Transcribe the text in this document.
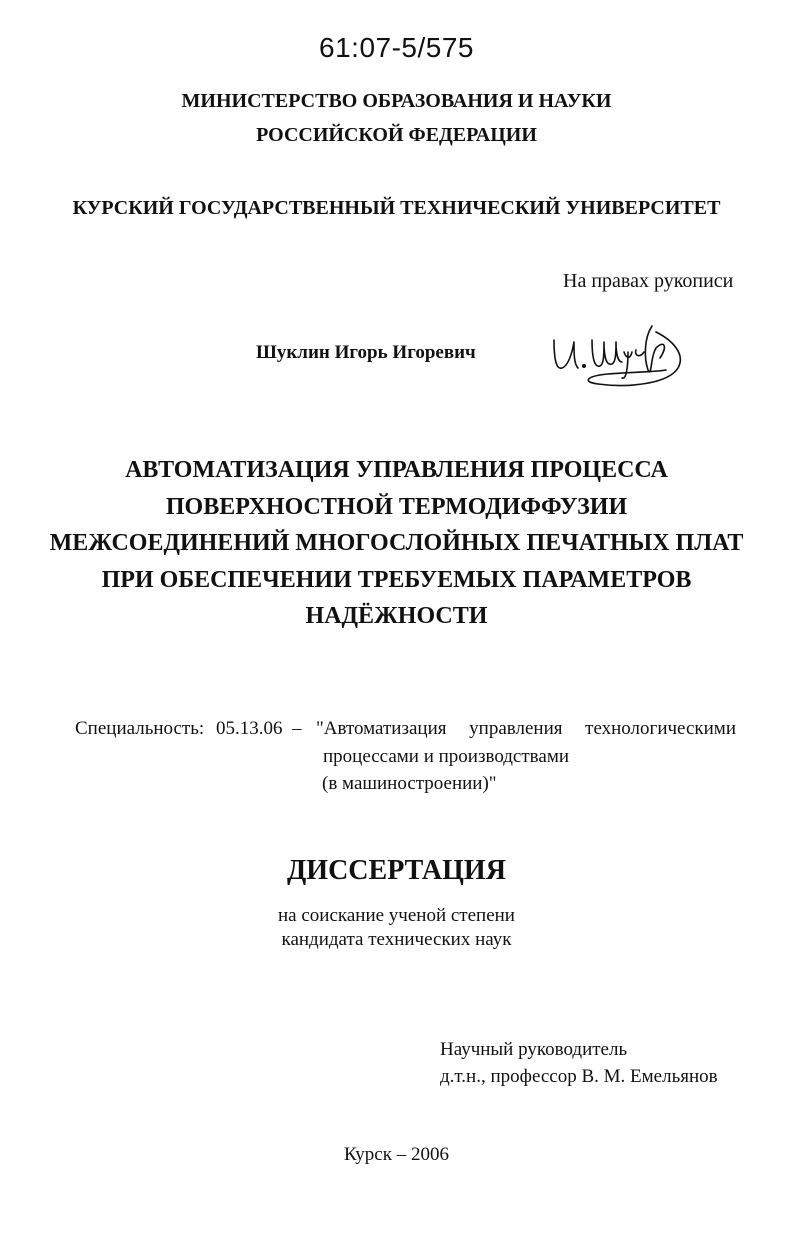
61:07-5/575
МИНИСТЕРСТВО ОБРАЗОВАНИЯ И НАУКИ
РОССИЙСКОЙ ФЕДЕРАЦИИ
КУРСКИЙ ГОСУДАРСТВЕННЫЙ ТЕХНИЧЕСКИЙ УНИВЕРСИТЕТ
На правах рукописи
Шуклин Игорь Игоревич
АВТОМАТИЗАЦИЯ УПРАВЛЕНИЯ ПРОЦЕССА
ПОВЕРХНОСТНОЙ ТЕРМОДИФФУЗИИ
МЕЖСОЕДИНЕНИЙ МНОГОСЛОЙНЫХ ПЕЧАТНЫХ ПЛАТ
ПРИ ОБЕСПЕЧЕНИИ ТРЕБУЕМЫХ ПАРАМЕТРОВ
НАДЁЖНОСТИ
Специальность: 05.13.06 – "Автоматизация управления технологическими
процессами и производствами
(в машиностроении)"
ДИССЕРТАЦИЯ
на соискание ученой степени
кандидата технических наук
Научный руководитель
д.т.н., профессор В. М. Емельянов
Курск – 2006
